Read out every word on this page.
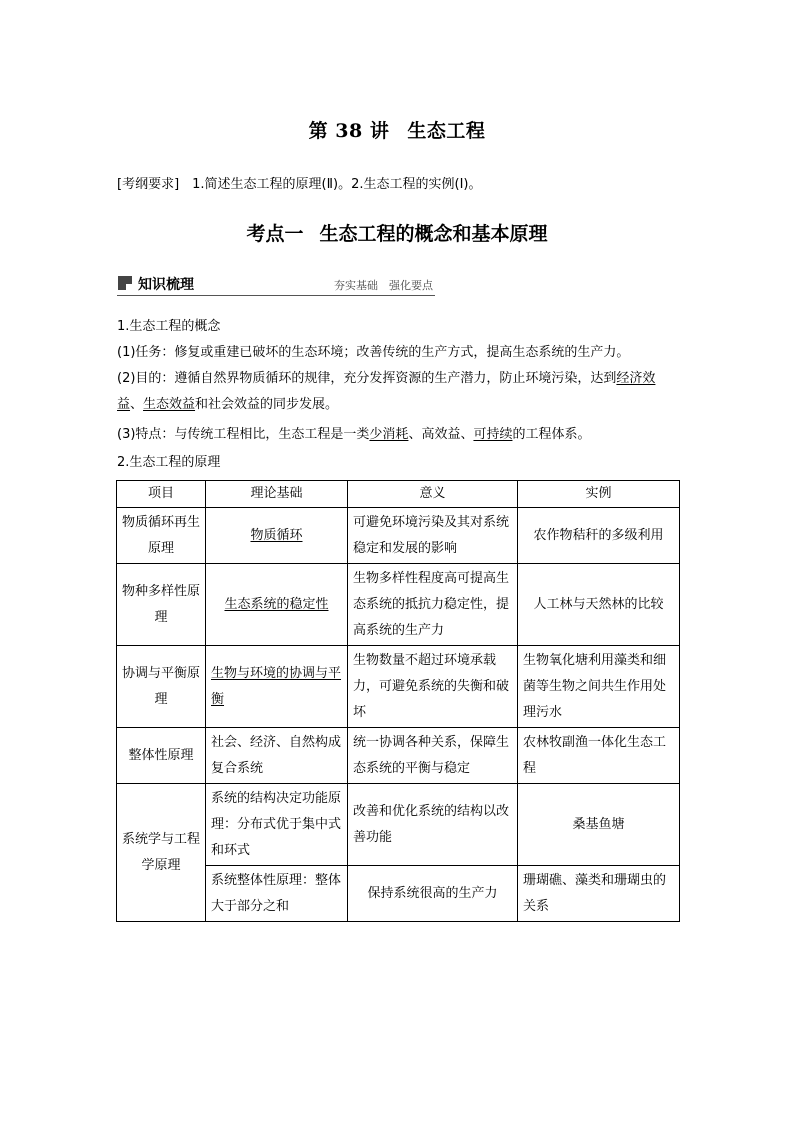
第 38 讲 生态工程
[考纲要求]　1.简述生态工程的原理(Ⅱ)。2.生态工程的实例(Ⅰ)。
考点一 生态工程的概念和基本原理
知识梳理	夯实基础　强化要点
1.生态工程的概念
(1)任务：修复或重建已破坏的生态环境；改善传统的生产方式，提高生态系统的生产力。
(2)目的：遵循自然界物质循环的规律，充分发挥资源的生产潜力，防止环境污染，达到经济效益、生态效益和社会效益的同步发展。
(3)特点：与传统工程相比，生态工程是一类少消耗、高效益、可持续的工程体系。
2.生态工程的原理
项目	理论基础	意义	实例
物质循环再生原理	物质循环	可避免环境污染及其对系统稳定和发展的影响	农作物秸秆的多级利用
物种多样性原理	生态系统的稳定性	生物多样性程度高可提高生态系统的抵抗力稳定性，提高系统的生产力	人工林与天然林的比较
协调与平衡原理	生物与环境的协调与平衡	生物数量不超过环境承载力，可避免系统的失衡和破坏	生物氧化塘利用藻类和细菌等生物之间共生作用处理污水
整体性原理	社会、经济、自然构成复合系统	统一协调各种关系，保障生态系统的平衡与稳定	农林牧副渔一体化生态工程
系统学与工程学原理	系统的结构决定功能原理：分布式优于集中式和环式	改善和优化系统的结构以改善功能	桑基鱼塘
	系统整体性原理：整体大于部分之和	保持系统很高的生产力	珊瑚礁、藻类和珊瑚虫的关系
